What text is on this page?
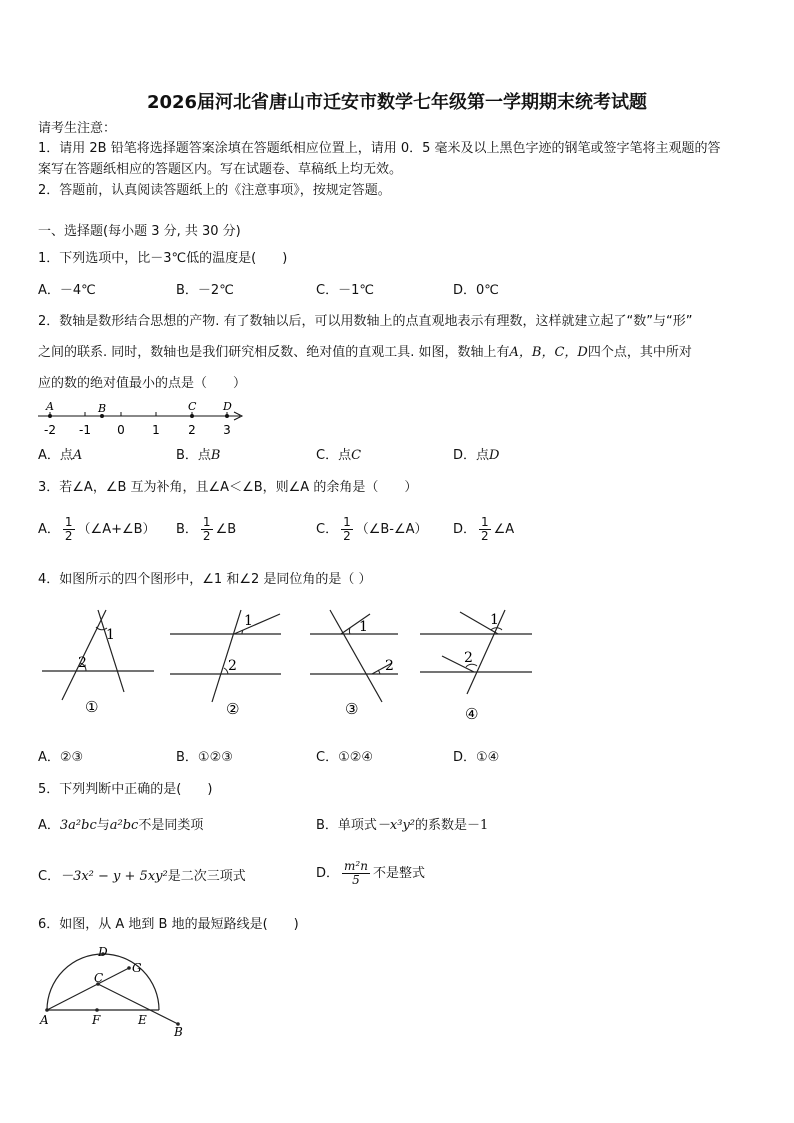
2026届河北省唐山市迁安市数学七年级第一学期期末统考试题
请考生注意：
1．请用 2B 铅笔将选择题答案涂填在答题纸相应位置上，请用 0．5 毫米及以上黑色字迹的钢笔或签字笔将主观题的答
案写在答题纸相应的答题区内。写在试题卷、草稿纸上均无效。
2．答题前，认真阅读答题纸上的《注意事项》，按规定答题。
一、选择题(每小题 3 分, 共 30 分)
1．下列选项中，比－3℃低的温度是(　　)
A．－4℃	B．－2℃	C．－1℃	D．0℃
2．数轴是数形结合思想的产物. 有了数轴以后，可以用数轴上的点直观地表示有理数，这样就建立起了“数”与“形”
之间的联系. 同时，数轴也是我们研究相反数、绝对值的直观工具. 如图，数轴上有A，B，C，D四个点，其中所对
应的数的绝对值最小的点是（　　）
A	B	C D
-2 -1 0 1 2 3
A．点A	B．点B	C．点C	D．点D
3．若∠A，∠B 互为补角，且∠A＜∠B，则∠A 的余角是（　　）
A． $\frac{1}{2}$ （∠A+∠B） B． $\frac{1}{2}$ ∠B	C． $\frac{1}{2}$ （∠B-∠A） D． $\frac{1}{2}$ ∠A
4．如图所示的四个图形中，∠1 和∠2 是同位角的是（ ）
1
2
①
1
2
②
1
2
③
1
2
④
A．②③	B．①②③	C．①②④	D．①④
5．下列判断中正确的是(　　)
A．3a²bc与a²bc不是同类项	B．单项式－x³y²的系数是－1
C．－3x² − y + 5xy²是二次三项式	D． $\frac{\text{m²n}}{5}$ 不是整式
6．如图，从 A 地到 B 地的最短路线是(　　)
D
G
C
A	F	E
B
